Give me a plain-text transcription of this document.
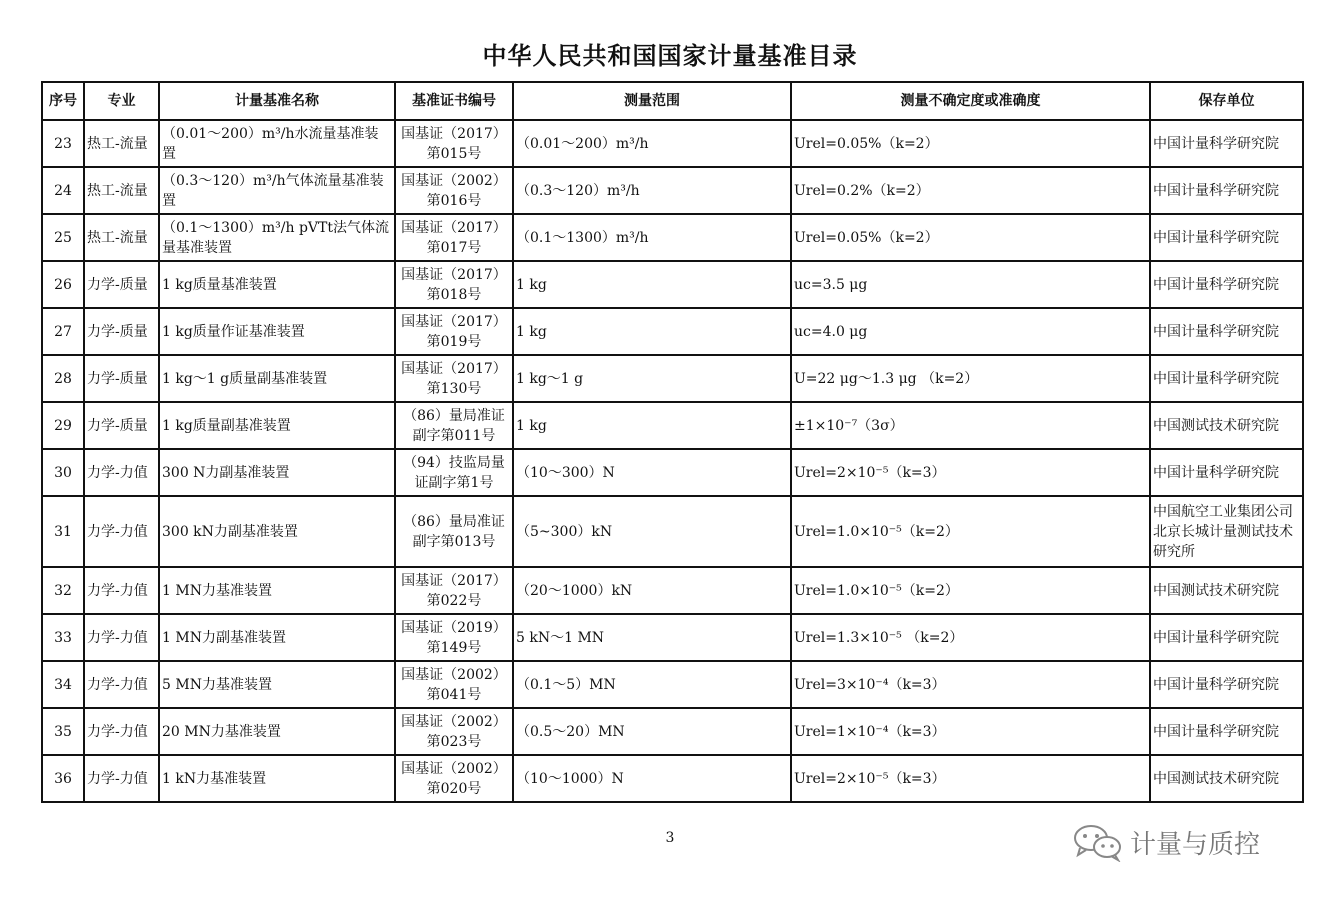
中华人民共和国国家计量基准目录
序号	专业	计量基准名称	基准证书编号	测量范围	测量不确定度或准确度	保存单位
23	热工-流量	（0.01～200）m³/h水流量基准装置	国基证（2017）第015号	（0.01～200）m³/h	Urel=0.05%（k=2）	中国计量科学研究院
24	热工-流量	（0.3～120）m³/h气体流量基准装置	国基证（2002）第016号	（0.3～120）m³/h	Urel=0.2%（k=2）	中国计量科学研究院
25	热工-流量	（0.1～1300）m³/h pVTt法气体流量基准装置	国基证（2017）第017号	（0.1～1300）m³/h	Urel=0.05%（k=2）	中国计量科学研究院
26	力学-质量	1 kg质量基准装置	国基证（2017）第018号	1 kg	uc=3.5 μg	中国计量科学研究院
27	力学-质量	1 kg质量作证基准装置	国基证（2017）第019号	1 kg	uc=4.0 μg	中国计量科学研究院
28	力学-质量	1 kg～1 g质量副基准装置	国基证（2017）第130号	1 kg～1 g	U=22 μg～1.3 μg （k=2）	中国计量科学研究院
29	力学-质量	1 kg质量副基准装置	（86）量局准证副字第011号	1 kg	±1×10⁻⁷（3σ）	中国测试技术研究院
30	力学-力值	300 N力副基准装置	（94）技监局量证副字第1号	（10～300）N	Urel=2×10⁻⁵（k=3）	中国计量科学研究院
31	力学-力值	300 kN力副基准装置	（86）量局准证副字第013号	（5~300）kN	Urel=1.0×10⁻⁵（k=2）	中国航空工业集团公司北京长城计量测试技术研究所
32	力学-力值	1 MN力基准装置	国基证（2017）第022号	（20～1000）kN	Urel=1.0×10⁻⁵（k=2）	中国测试技术研究院
33	力学-力值	1 MN力副基准装置	国基证（2019）第149号	5 kN～1 MN	Urel=1.3×10⁻⁵ （k=2）	中国计量科学研究院
34	力学-力值	5 MN力基准装置	国基证（2002）第041号	（0.1～5）MN	Urel=3×10⁻⁴（k=3）	中国计量科学研究院
35	力学-力值	20 MN力基准装置	国基证（2002）第023号	（0.5～20）MN	Urel=1×10⁻⁴（k=3）	中国计量科学研究院
36	力学-力值	1 kN力基准装置	国基证（2002）第020号	（10～1000）N	Urel=2×10⁻⁵（k=3）	中国测试技术研究院
3	计量与质控
